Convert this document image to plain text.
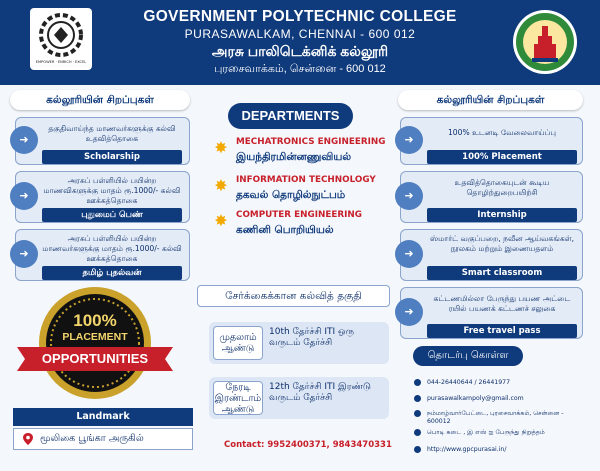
EMPOWER · ENRICH · EXCEL
GOVERNMENT POLYTECHNIC COLLEGE
PURASAWALKAM, CHENNAI - 600 012
அரசு பாலிடெக்னிக் கல்லூரி
புரசைவாக்கம், சென்னை - 600 012
கல்லூரியின் சிறப்புகள்
➜
தகுதிவாய்ந்த மாணவர்களுக்கு கல்வி உதவித்தொகை
Scholarship
➜
அரசுப் பள்ளியில் பயின்ற மாணவிகளுக்கு மாதம் ரூ.1000/- கல்வி ஊக்கத்தொகை
புதுமைப் பெண்
➜
அரசுப் பள்ளியில் பயின்ற மாணவர்களுக்கு மாதம் ரூ.1000/- கல்வி ஊக்கத்தொகை
தமிழ் புதல்வன்
100%
PLACEMENT
OPPORTUNITIES
Landmark
மூலிகை பூங்கா அருகில்
DEPARTMENTS
✸ MECHATRONICS ENGINEERING
இயந்திரமின்னணுவியல்
✸ INFORMATION TECHNOLOGY
தகவல் தொழில்நுட்பம்
✸ COMPUTER ENGINEERING
கணினி பொறியியல்
சேர்க்கைக்கான கல்வித் தகுதி
முதலாம் ஆண்டு
10th தேர்ச்சி ITI ஒரு வருடம் தேர்ச்சி
நேரடி இரண்டாம் ஆண்டு
12th தேர்ச்சி ITI இரண்டு வருடம் தேர்ச்சி
Contact: 9952400371, 9843470331
கல்லூரியின் சிறப்புகள்
➜
100% உடனடி வேலைவாய்ப்பு
100% Placement
➜
உதவித்தொகையுடன் கூடிய தொழிற்துறைபயிற்சி
Internship
➜
ஸ்மார்ட் வகுப்பறை, நவீன ஆய்வகங்கள், நூலகம் மற்றும் இணையதளம்
Smart classroom
➜
கட்டணமில்லா பேருந்து பயண அட்டை ரயில் பயணக் கட்டணச் சலுகை
Free travel pass
தொடர்பு கொள்ள
044-26440644 / 26441977
purasawalkampoly@gmail.com
நம்மாழ்வார்பேட்டை, புரசைவாக்கம், சென்னை - 600012
பொடி கடை , இ எஸ் ஐ பேருந்து நிறுத்தம்
http://www.gpcpurasai.in/
